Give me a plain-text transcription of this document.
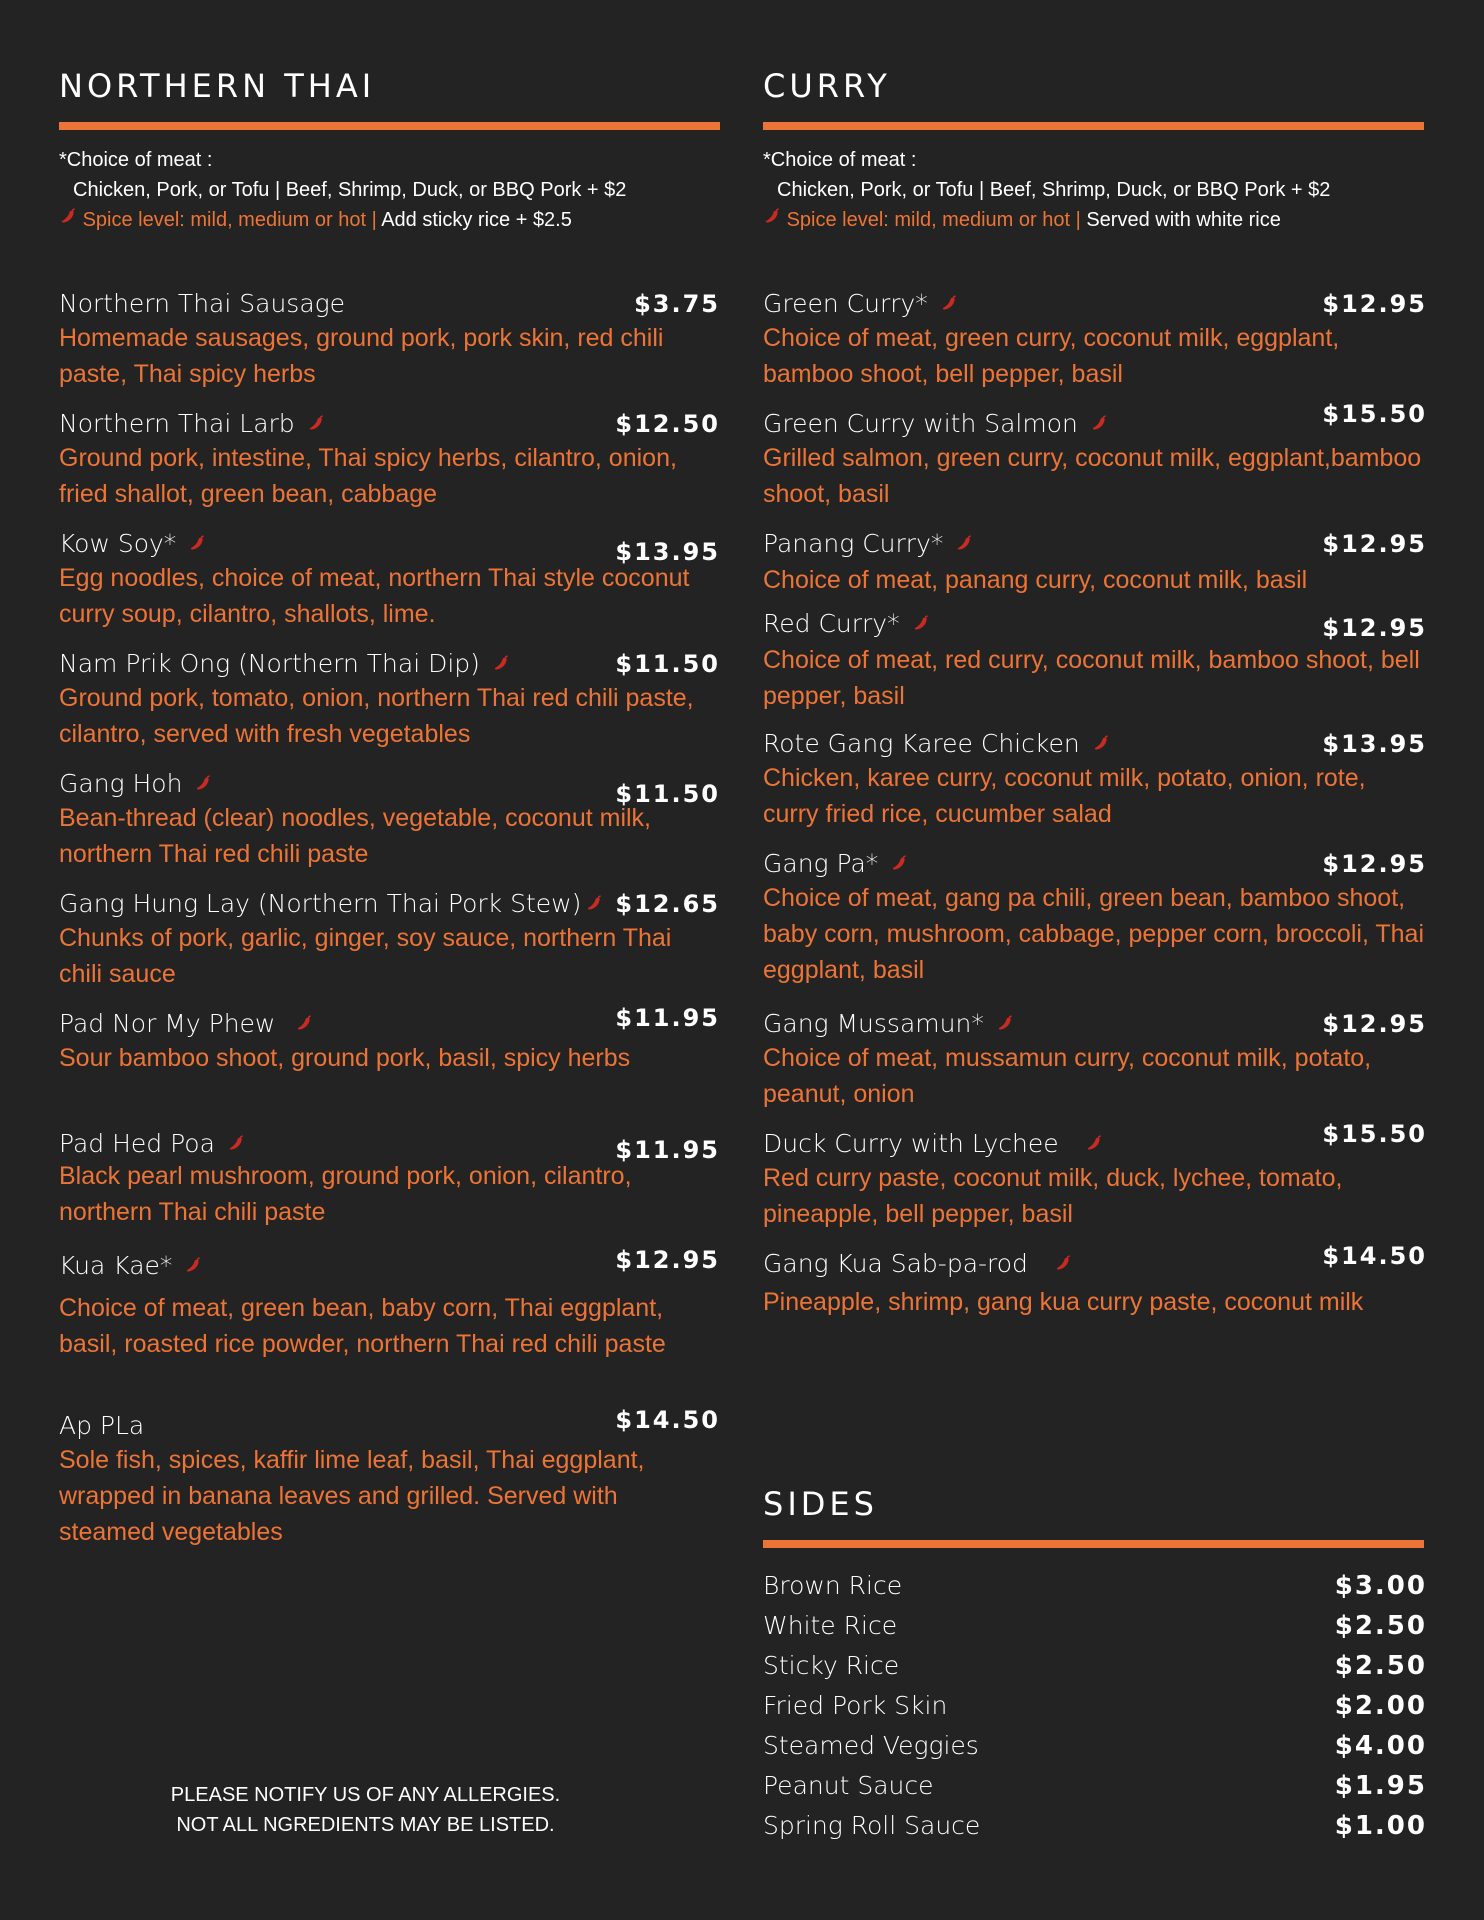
NORTHERN THAI
*Choice of meat :
Chicken, Pork, or Tofu | Beef, Shrimp, Duck, or BBQ Pork + $2
Spice level: mild, medium or hot | Add sticky rice + $2.5
Northern Thai Sausage	$3.75
Homemade sausages, ground pork, pork skin, red chili paste, Thai spicy herbs
Northern Thai Larb	$12.50
Ground pork, intestine, Thai spicy herbs, cilantro, onion, fried shallot, green bean, cabbage
Kow Soy*	$13.95
Egg noodles, choice of meat, northern Thai style coconut curry soup, cilantro, shallots, lime.
Nam Prik Ong (Northern Thai Dip)	$11.50
Ground pork, tomato, onion, northern Thai red chili paste, cilantro, served with fresh vegetables
Gang Hoh	$11.50
Bean-thread (clear) noodles, vegetable, coconut milk, northern Thai red chili paste
Gang Hung Lay (Northern Thai Pork Stew)	$12.65
Chunks of pork, garlic, ginger, soy sauce, northern Thai chili sauce
Pad Nor My Phew	$11.95
Sour bamboo shoot, ground pork, basil, spicy herbs
Pad Hed Poa	$11.95
Black pearl mushroom, ground pork, onion, cilantro, northern Thai chili paste
Kua Kae*	$12.95
Choice of meat, green bean, baby corn, Thai eggplant, basil, roasted rice powder, northern Thai red chili paste
Ap PLa	$14.50
Sole fish, spices, kaffir lime leaf, basil, Thai eggplant, wrapped in banana leaves and grilled. Served with steamed vegetables
CURRY
*Choice of meat :
Chicken, Pork, or Tofu | Beef, Shrimp, Duck, or BBQ Pork + $2
Spice level: mild, medium or hot | Served with white rice
Green Curry*	$12.95
Choice of meat, green curry, coconut milk, eggplant, bamboo shoot, bell pepper, basil
Green Curry with Salmon	$15.50
Grilled salmon, green curry, coconut milk, eggplant,bamboo shoot, basil
Panang Curry*	$12.95
Choice of meat, panang curry, coconut milk, basil
Red Curry*	$12.95
Choice of meat, red curry, coconut milk, bamboo shoot, bell pepper, basil
Rote Gang Karee Chicken	$13.95
Chicken, karee curry, coconut milk, potato, onion, rote, curry fried rice, cucumber salad
Gang Pa*	$12.95
Choice of meat, gang pa chili, green bean, bamboo shoot, baby corn, mushroom, cabbage, pepper corn, broccoli, Thai eggplant, basil
Gang Mussamun*	$12.95
Choice of meat, mussamun curry, coconut milk, potato, peanut, onion
Duck Curry with Lychee	$15.50
Red curry paste, coconut milk, duck, lychee, tomato, pineapple, bell pepper, basil
Gang Kua Sab-pa-rod	$14.50
Pineapple, shrimp, gang kua curry paste, coconut milk
SIDES
Brown Rice	$3.00
White Rice	$2.50
Sticky Rice	$2.50
Fried Pork Skin	$2.00
Steamed Veggies	$4.00
Peanut Sauce	$1.95
Spring Roll Sauce	$1.00
PLEASE NOTIFY US OF ANY ALLERGIES.
NOT ALL NGREDIENTS MAY BE LISTED.
